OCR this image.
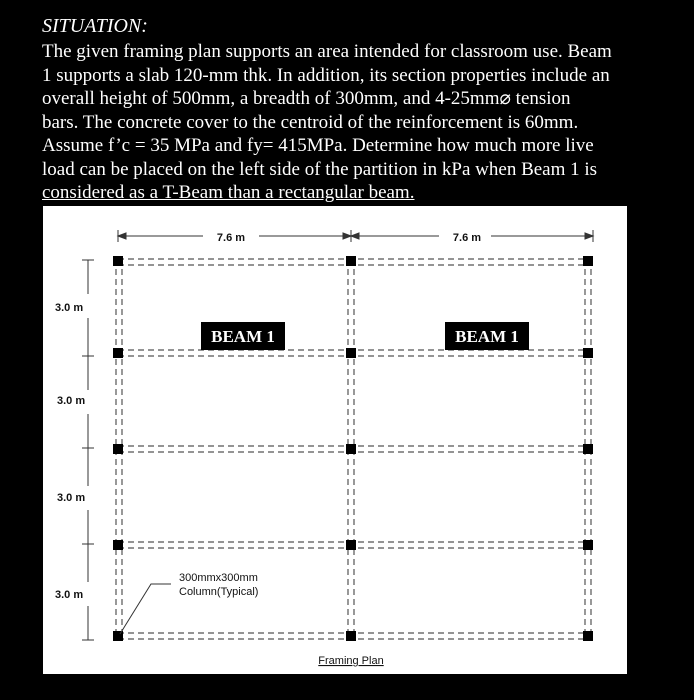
SITUATION:
The given framing plan supports an area intended for classroom use. Beam
1 supports a slab 120-mm thk. In addition, its section properties include an
overall height of 500mm, a breadth of 300mm, and 4-25mm⌀ tension
bars. The concrete cover to the centroid of the reinforcement is 60mm.
Assume f’c = 35 MPa and fy= 415MPa. Determine how much more live
load can be placed on the left side of the partition in kPa when Beam 1 is
considered as a T-Beam than a rectangular beam.
7.6 m	7.6 m
3.0 m
3.0 m
3.0 m
3.0 m
BEAM 1	BEAM 1
300mmx300mm
Column(Typical)
Framing Plan
